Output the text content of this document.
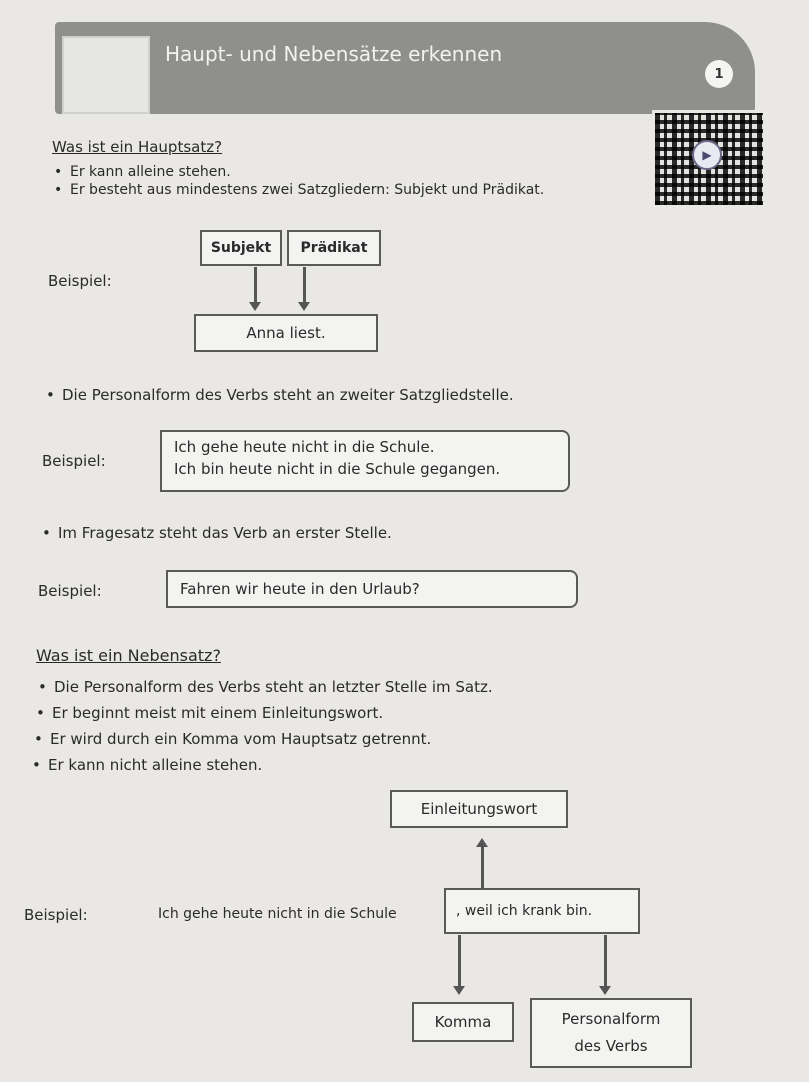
Haupt- und Nebensätze erkennen
1
▶
Was ist ein Hauptsatz?
• Er kann alleine stehen.
• Er besteht aus mindestens zwei Satzgliedern: Subjekt und Prädikat.
Beispiel:
Subjekt	Prädikat
Anna liest.
• Die Personalform des Verbs steht an zweiter Satzgliedstelle.
Beispiel:
Ich gehe heute nicht in die Schule.
Ich bin heute nicht in die Schule gegangen.
• Im Fragesatz steht das Verb an erster Stelle.
Beispiel:	Fahren wir heute in den Urlaub?
Was ist ein Nebensatz?
• Die Personalform des Verbs steht an letzter Stelle im Satz.
• Er beginnt meist mit einem Einleitungswort.
• Er wird durch ein Komma vom Hauptsatz getrennt.
• Er kann nicht alleine stehen.
Einleitungswort
Beispiel:	Ich gehe heute nicht in die Schule	, weil ich krank bin.
Komma	Personalform
des Verbs
